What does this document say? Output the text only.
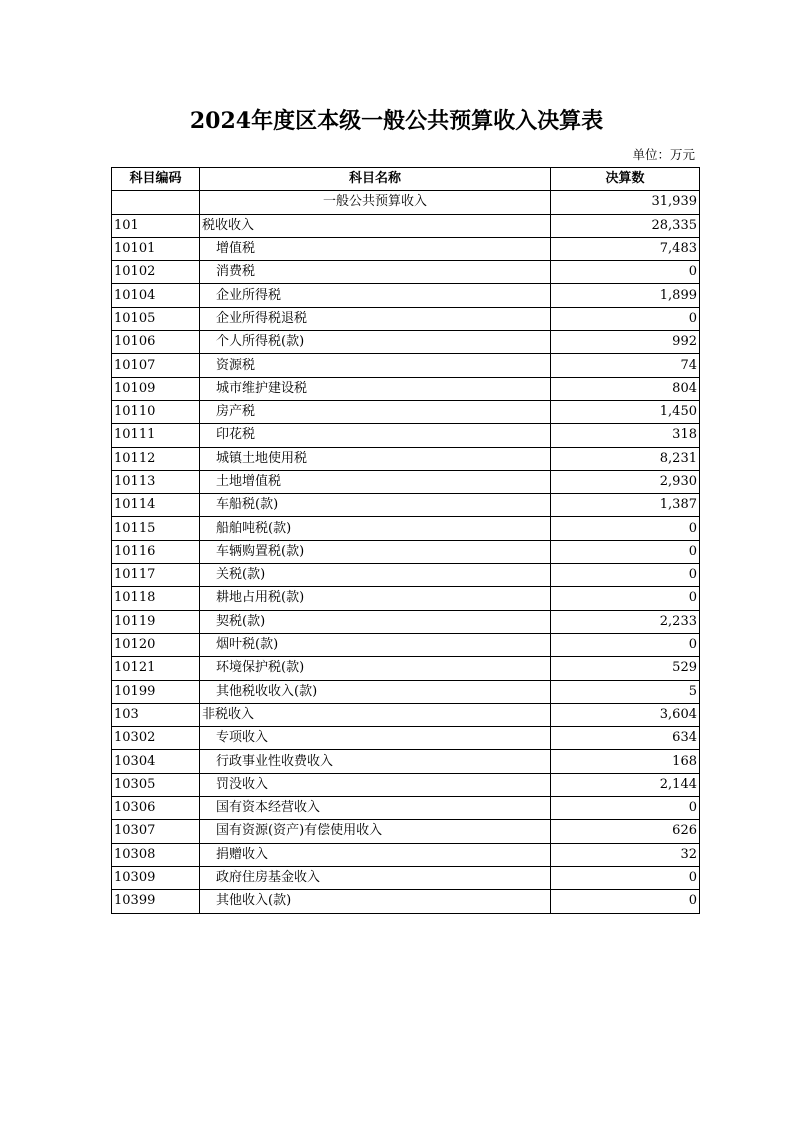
2024年度区本级一般公共预算收入决算表
单位：万元
科目编码	科目名称	决算数
	一般公共预算收入	31,939
101	税收收入	28,335
10101	增值税	7,483
10102	消费税	0
10104	企业所得税	1,899
10105	企业所得税退税	0
10106	个人所得税(款)	992
10107	资源税	74
10109	城市维护建设税	804
10110	房产税	1,450
10111	印花税	318
10112	城镇土地使用税	8,231
10113	土地增值税	2,930
10114	车船税(款)	1,387
10115	船舶吨税(款)	0
10116	车辆购置税(款)	0
10117	关税(款)	0
10118	耕地占用税(款)	0
10119	契税(款)	2,233
10120	烟叶税(款)	0
10121	环境保护税(款)	529
10199	其他税收收入(款)	5
103	非税收入	3,604
10302	专项收入	634
10304	行政事业性收费收入	168
10305	罚没收入	2,144
10306	国有资本经营收入	0
10307	国有资源(资产)有偿使用收入	626
10308	捐赠收入	32
10309	政府住房基金收入	0
10399	其他收入(款)	0
